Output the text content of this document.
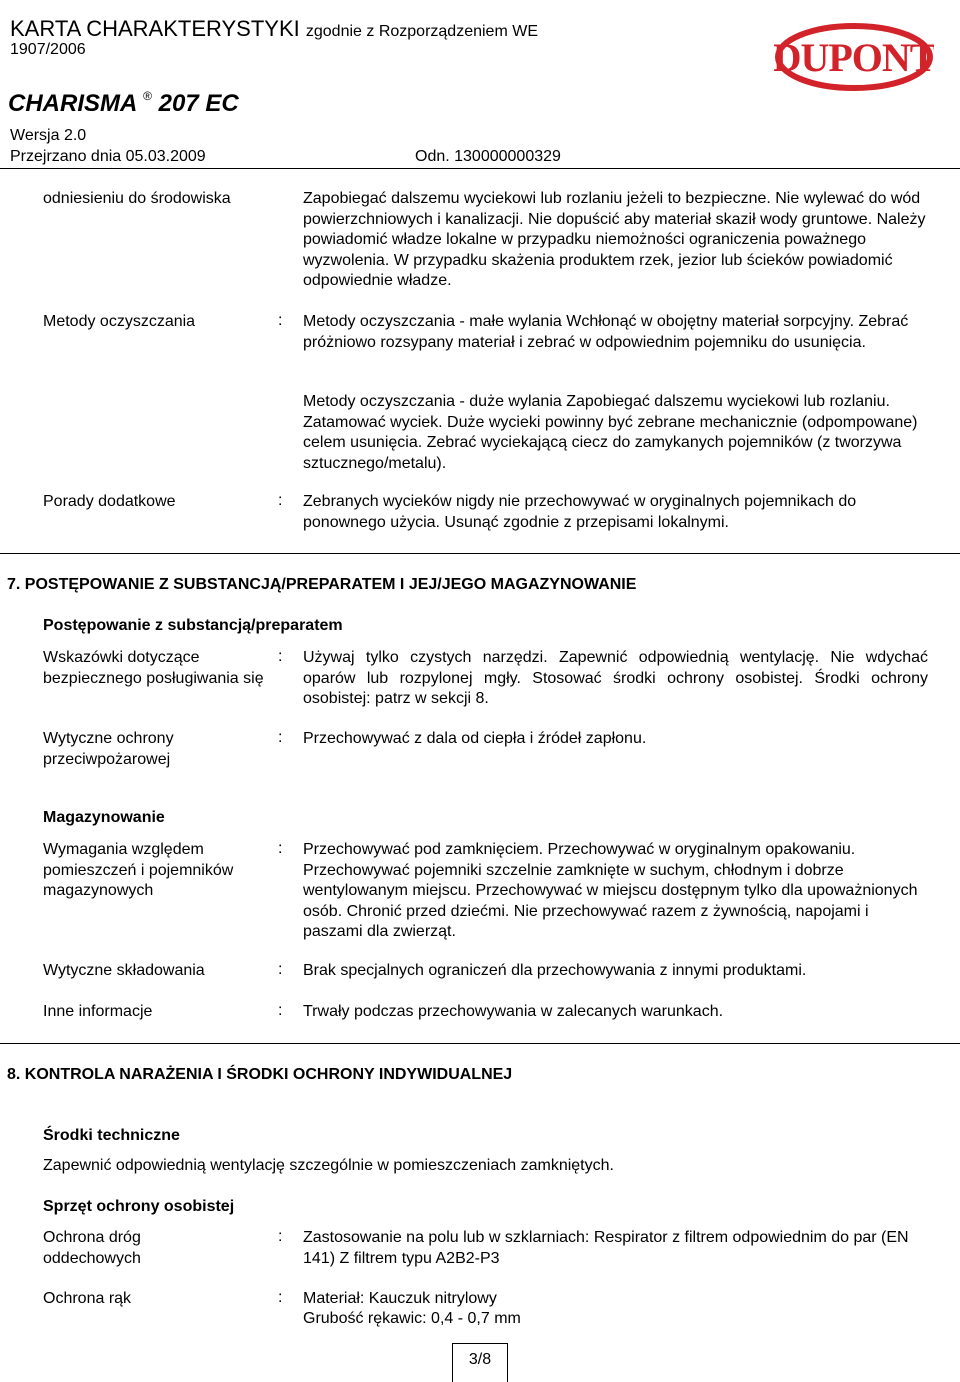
KARTA CHARAKTERYSTYKI zgodnie z Rozporządzeniem WE
1907/2006	DUPONT
CHARISMA ® 207 EC
Wersja 2.0
Przejrzano dnia 05.03.2009	Odn. 130000000329
odniesieniu do środowiska	Zapobiegać dalszemu wyciekowi lub rozlaniu jeżeli to bezpieczne. Nie wylewać do wód powierzchniowych i kanalizacji. Nie dopuścić aby materiał skaził wody gruntowe. Należy powiadomić władze lokalne w przypadku niemożności ograniczenia poważnego wyzwolenia. W przypadku skażenia produktem rzek, jezior lub ścieków powiadomić odpowiednie władze.
Metody oczyszczania	: Metody oczyszczania - małe wylania Wchłonąć w obojętny materiał sorpcyjny. Zebrać próżniowo rozsypany materiał i zebrać w odpowiednim pojemniku do usunięcia.
Metody oczyszczania - duże wylania Zapobiegać dalszemu wyciekowi lub rozlaniu. Zatamować wyciek. Duże wycieki powinny być zebrane mechanicznie (odpompowane) celem usunięcia. Zebrać wyciekającą ciecz do zamykanych pojemników (z tworzywa sztucznego/metalu).
Porady dodatkowe	: Zebranych wycieków nigdy nie przechowywać w oryginalnych pojemnikach do ponownego użycia. Usunąć zgodnie z przepisami lokalnymi.
7. POSTĘPOWANIE Z SUBSTANCJĄ/PREPARATEM I JEJ/JEGO MAGAZYNOWANIE
Postępowanie z substancją/preparatem
Wskazówki dotyczące bezpiecznego posługiwania się
: Używaj tylko czystych narzędzi. Zapewnić odpowiednią wentylację. Nie wdychać oparów lub rozpylonej mgły. Stosować środki ochrony osobistej. Środki ochrony osobistej: patrz w sekcji 8.
Wytyczne ochrony przeciwpożarowej
: Przechowywać z dala od ciepła i źródeł zapłonu.
Magazynowanie
Wymagania względem pomieszczeń i pojemników magazynowych
: Przechowywać pod zamknięciem. Przechowywać w oryginalnym opakowaniu. Przechowywać pojemniki szczelnie zamknięte w suchym, chłodnym i dobrze wentylowanym miejscu. Przechowywać w miejscu dostępnym tylko dla upoważnionych osób. Chronić przed dziećmi. Nie przechowywać razem z żywnością, napojami i paszami dla zwierząt.
Wytyczne składowania	: Brak specjalnych ograniczeń dla przechowywania z innymi produktami.
Inne informacje	: Trwały podczas przechowywania w zalecanych warunkach.
8. KONTROLA NARAŻENIA I ŚRODKI OCHRONY INDYWIDUALNEJ
Środki techniczne
Zapewnić odpowiednią wentylację szczególnie w pomieszczeniach zamkniętych.
Sprzęt ochrony osobistej
Ochrona dróg oddechowych
: Zastosowanie na polu lub w szklarniach: Respirator z filtrem odpowiednim do par (EN 141) Z filtrem typu A2B2-P3
Ochrona rąk	: Materiał: Kauczuk nitrylowy
Grubość rękawic: 0,4 - 0,7 mm
3/8
